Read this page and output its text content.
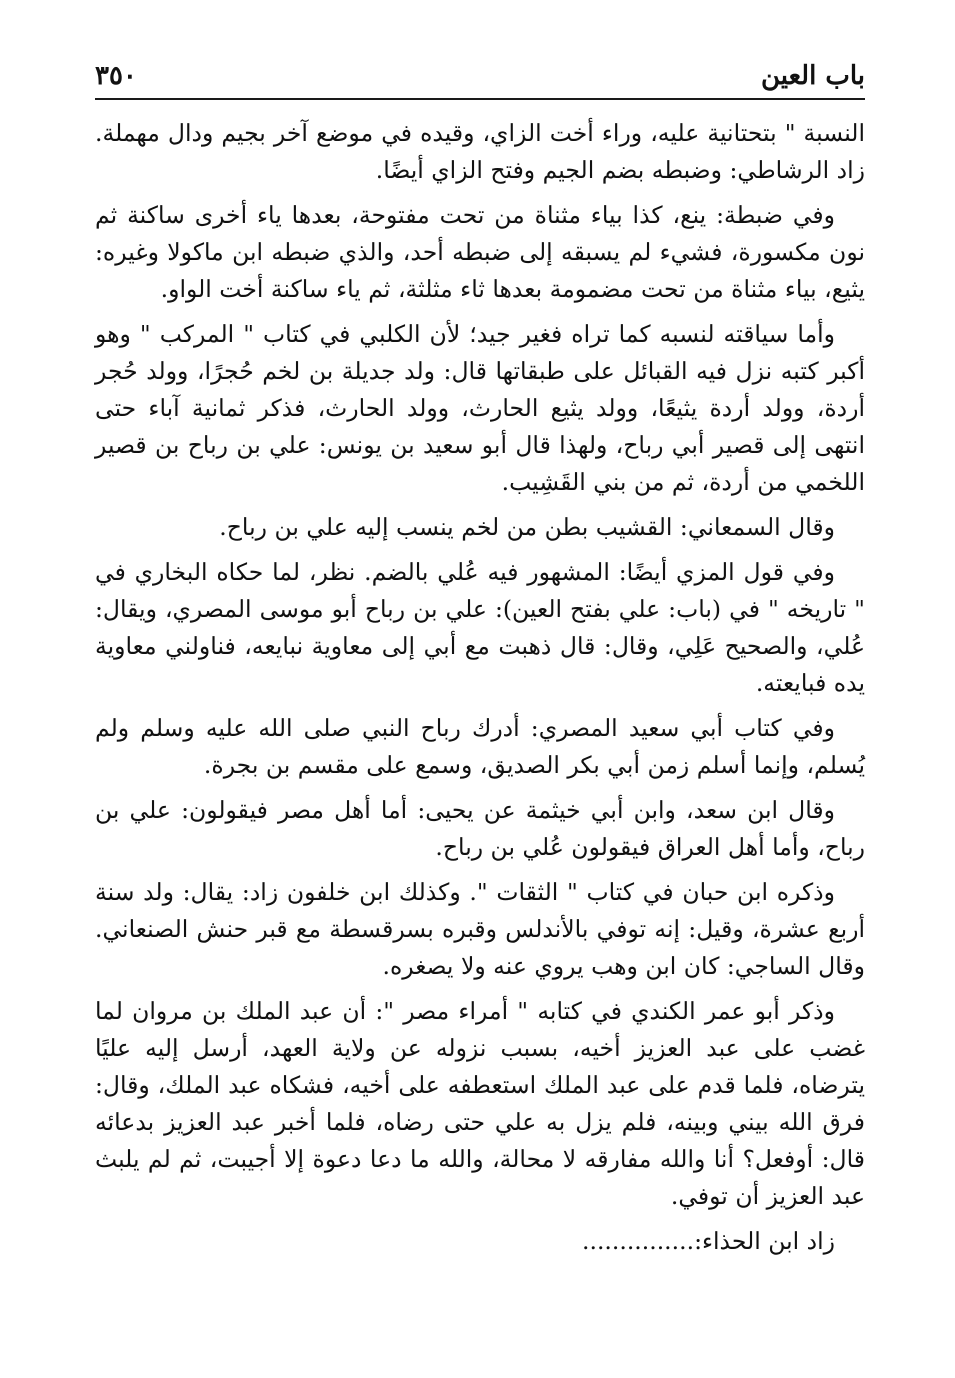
باب العين
٣٥٠

النسبة " بتحتانية عليه، وراء أخت الزاي، وقيده في موضع آخر بجيم ودال مهملة. زاد الرشاطي: وضبطه بضم الجيم وفتح الزاي أيضًا.

وفي ضبطة: ينع، كذا بياء مثناة من تحت مفتوحة، بعدها ياء أخرى ساكنة ثم نون مكسورة، فشيء لم يسبقه إلى ضبطه أحد، والذي ضبطه ابن ماكولا وغيره: يثيع، بياء مثناة من تحت مضمومة بعدها ثاء مثلثة، ثم ياء ساكنة أخت الواو.

وأما سياقته لنسبه كما تراه فغير جيد؛ لأن الكلبي في كتاب " المركب " وهو أكبر كتبه نزل فيه القبائل على طبقاتها قال: ولد جديلة بن لخم حُجرًا، وولد حُجر أردة، وولد أردة يثيعًا، وولد يثيع الحارث، وولد الحارث، فذكر ثمانية آباء حتى انتهى إلى قصير أبي رباح، ولهذا قال أبو سعيد بن يونس: علي بن رباح بن قصير اللخمي من أردة، ثم من بني القَشِيب.

وقال السمعاني: القشيب بطن من لخم ينسب إليه علي بن رباح.

وفي قول المزي أيضًا: المشهور فيه عُلي بالضم. نظر، لما حكاه البخاري في " تاريخه " في (باب: علي بفتح العين): علي بن رباح أبو موسى المصري، ويقال: عُلي، والصحيح عَلِي، وقال: قال ذهبت مع أبي إلى معاوية نبايعه، فناولني معاوية يده فبايعته.

وفي كتاب أبي سعيد المصري: أدرك رباح النبي صلى الله عليه وسلم ولم يُسلم، وإنما أسلم زمن أبي بكر الصديق، وسمع على مقسم بن بجرة.

وقال ابن سعد، وابن أبي خيثمة عن يحيى: أما أهل مصر فيقولون: علي بن رباح، وأما أهل العراق فيقولون عُلي بن رباح.

وذكره ابن حبان في كتاب " الثقات ". وكذلك ابن خلفون زاد: يقال: ولد سنة أربع عشرة، وقيل: إنه توفي بالأندلس وقبره بسرقسطة مع قبر حنش الصنعاني. وقال الساجي: كان ابن وهب يروي عنه ولا يصغره.

وذكر أبو عمر الكندي في كتابه " أمراء مصر ": أن عبد الملك بن مروان لما غضب على عبد العزيز أخيه، بسبب نزوله عن ولاية العهد، أرسل إليه عليًا يترضاه، فلما قدم على عبد الملك استعطفه على أخيه، فشكاه عبد الملك، وقال: فرق الله بيني وبينه، فلم يزل به علي حتى رضاه، فلما أخبر عبد العزيز بدعائه قال: أوفعل؟ أنا والله مفارقه لا محالة، والله ما دعا دعوة إلا أجيبت، ثم لم يلبث عبد العزيز أن توفي.

زاد ابن الحذاء:...............
